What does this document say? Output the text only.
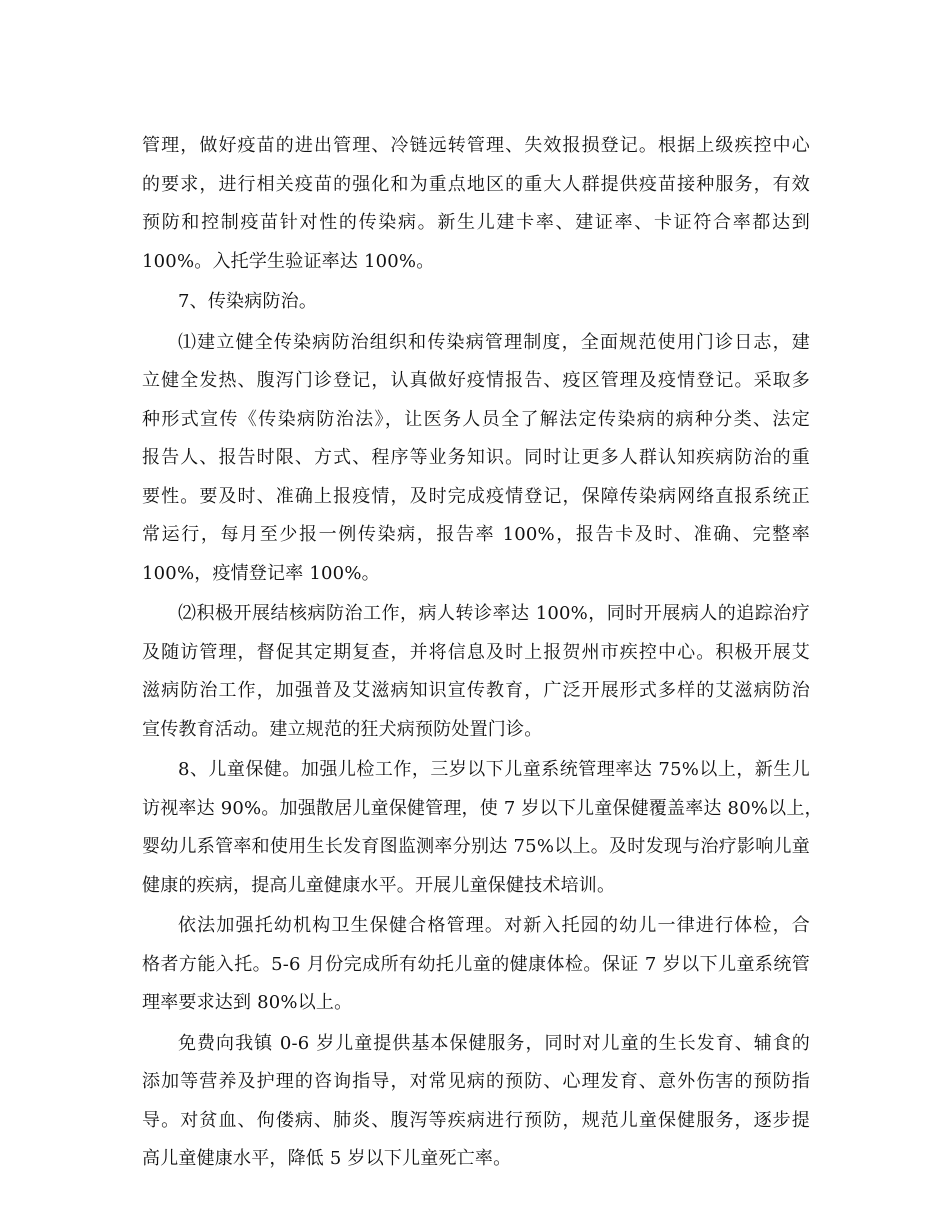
管理，做好疫苗的进出管理、冷链远转管理、失效报损登记。根据上级疾控中心
的要求，进行相关疫苗的强化和为重点地区的重大人群提供疫苗接种服务，有效
预防和控制疫苗针对性的传染病。新生儿建卡率、建证率、卡证符合率都达到
100%。入托学生验证率达 100%。
7、传染病防治。
⑴建立健全传染病防治组织和传染病管理制度，全面规范使用门诊日志，建
立健全发热、腹泻门诊登记，认真做好疫情报告、疫区管理及疫情登记。采取多
种形式宣传《传染病防治法》，让医务人员全了解法定传染病的病种分类、法定
报告人、报告时限、方式、程序等业务知识。同时让更多人群认知疾病防治的重
要性。要及时、准确上报疫情，及时完成疫情登记，保障传染病网络直报系统正
常运行，每月至少报一例传染病，报告率 100%，报告卡及时、准确、完整率
100%，疫情登记率 100%。
⑵积极开展结核病防治工作，病人转诊率达 100%，同时开展病人的追踪治疗
及随访管理，督促其定期复查，并将信息及时上报贺州市疾控中心。积极开展艾
滋病防治工作，加强普及艾滋病知识宣传教育，广泛开展形式多样的艾滋病防治
宣传教育活动。建立规范的狂犬病预防处置门诊。
8、儿童保健。加强儿检工作，三岁以下儿童系统管理率达 75%以上，新生儿
访视率达 90%。加强散居儿童保健管理，使 7 岁以下儿童保健覆盖率达 80%以上，
婴幼儿系管率和使用生长发育图监测率分别达 75%以上。及时发现与治疗影响儿童
健康的疾病，提高儿童健康水平。开展儿童保健技术培训。
依法加强托幼机构卫生保健合格管理。对新入托园的幼儿一律进行体检，合
格者方能入托。5-6 月份完成所有幼托儿童的健康体检。保证 7 岁以下儿童系统管
理率要求达到 80%以上。
免费向我镇 0-6 岁儿童提供基本保健服务，同时对儿童的生长发育、辅食的
添加等营养及护理的咨询指导，对常见病的预防、心理发育、意外伤害的预防指
导。对贫血、佝偻病、肺炎、腹泻等疾病进行预防，规范儿童保健服务，逐步提
高儿童健康水平，降低 5 岁以下儿童死亡率。
